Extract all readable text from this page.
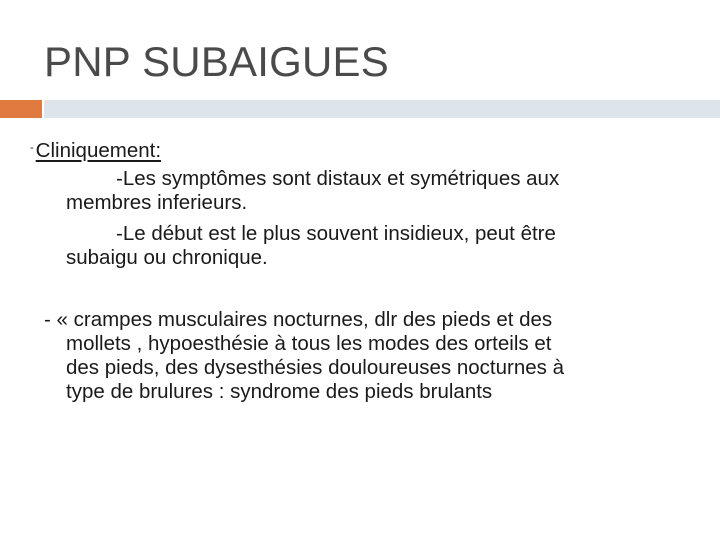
PNP SUBAIGUES
-Cliniquement:
-Les symptômes sont distaux et symétriques aux
membres inferieurs.
-Le début est le plus souvent insidieux, peut être
subaigu ou chronique.
- « crampes musculaires nocturnes, dlr des pieds et des
mollets , hypoesthésie à tous les modes des orteils et
des pieds, des dysesthésies douloureuses nocturnes à
type de brulures : syndrome des pieds brulants
